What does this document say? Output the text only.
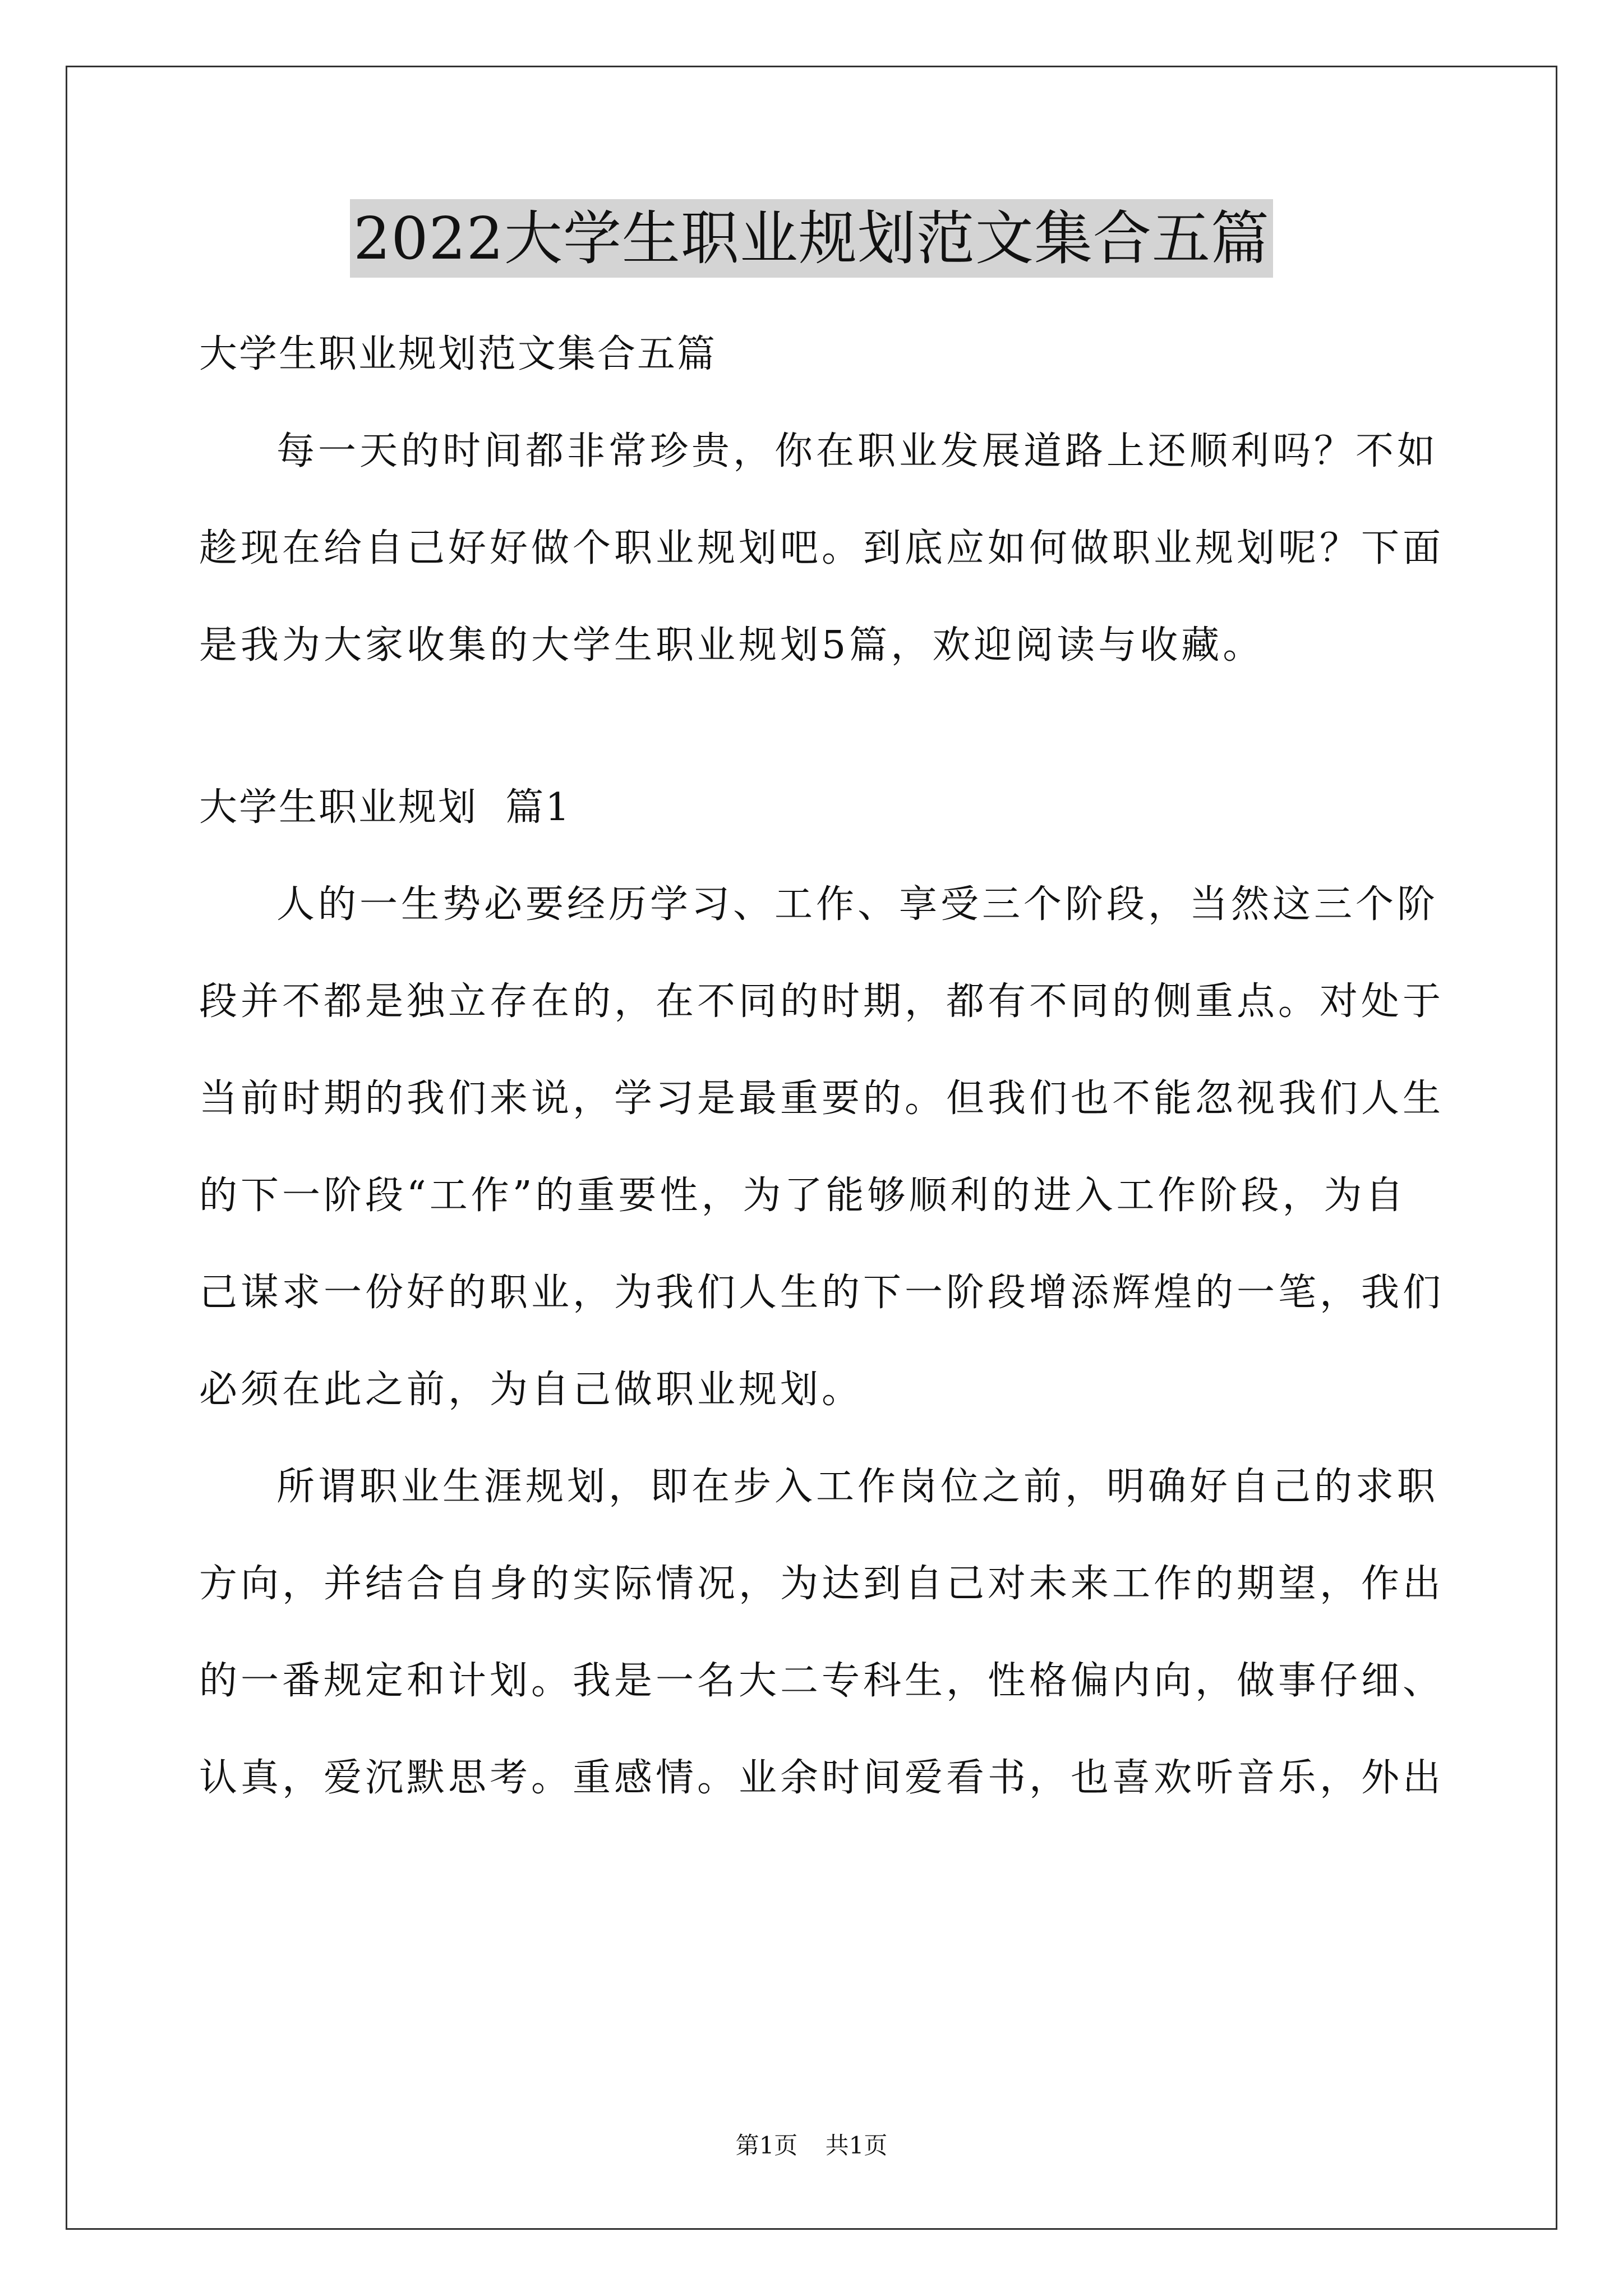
2022大学生职业规划范文集合五篇
大学生职业规划范文集合五篇
每一天的时间都非常珍贵，你在职业发展道路上还顺利吗？不如
趁现在给自己好好做个职业规划吧。到底应如何做职业规划呢？下面
是我为大家收集的大学生职业规划5篇，欢迎阅读与收藏。
大学生职业规划  篇1
人的一生势必要经历学习、工作、享受三个阶段，当然这三个阶
段并不都是独立存在的，在不同的时期，都有不同的侧重点。对处于
当前时期的我们来说，学习是最重要的。但我们也不能忽视我们人生
的下一阶段“工作”的重要性，为了能够顺利的进入工作阶段，为自
己谋求一份好的职业，为我们人生的下一阶段增添辉煌的一笔，我们
必须在此之前，为自己做职业规划。
所谓职业生涯规划，即在步入工作岗位之前，明确好自己的求职
方向，并结合自身的实际情况，为达到自己对未来工作的期望，作出
的一番规定和计划。我是一名大二专科生，性格偏内向，做事仔细、
认真，爱沉默思考。重感情。业余时间爱看书，也喜欢听音乐，外出
第1页 共1页
